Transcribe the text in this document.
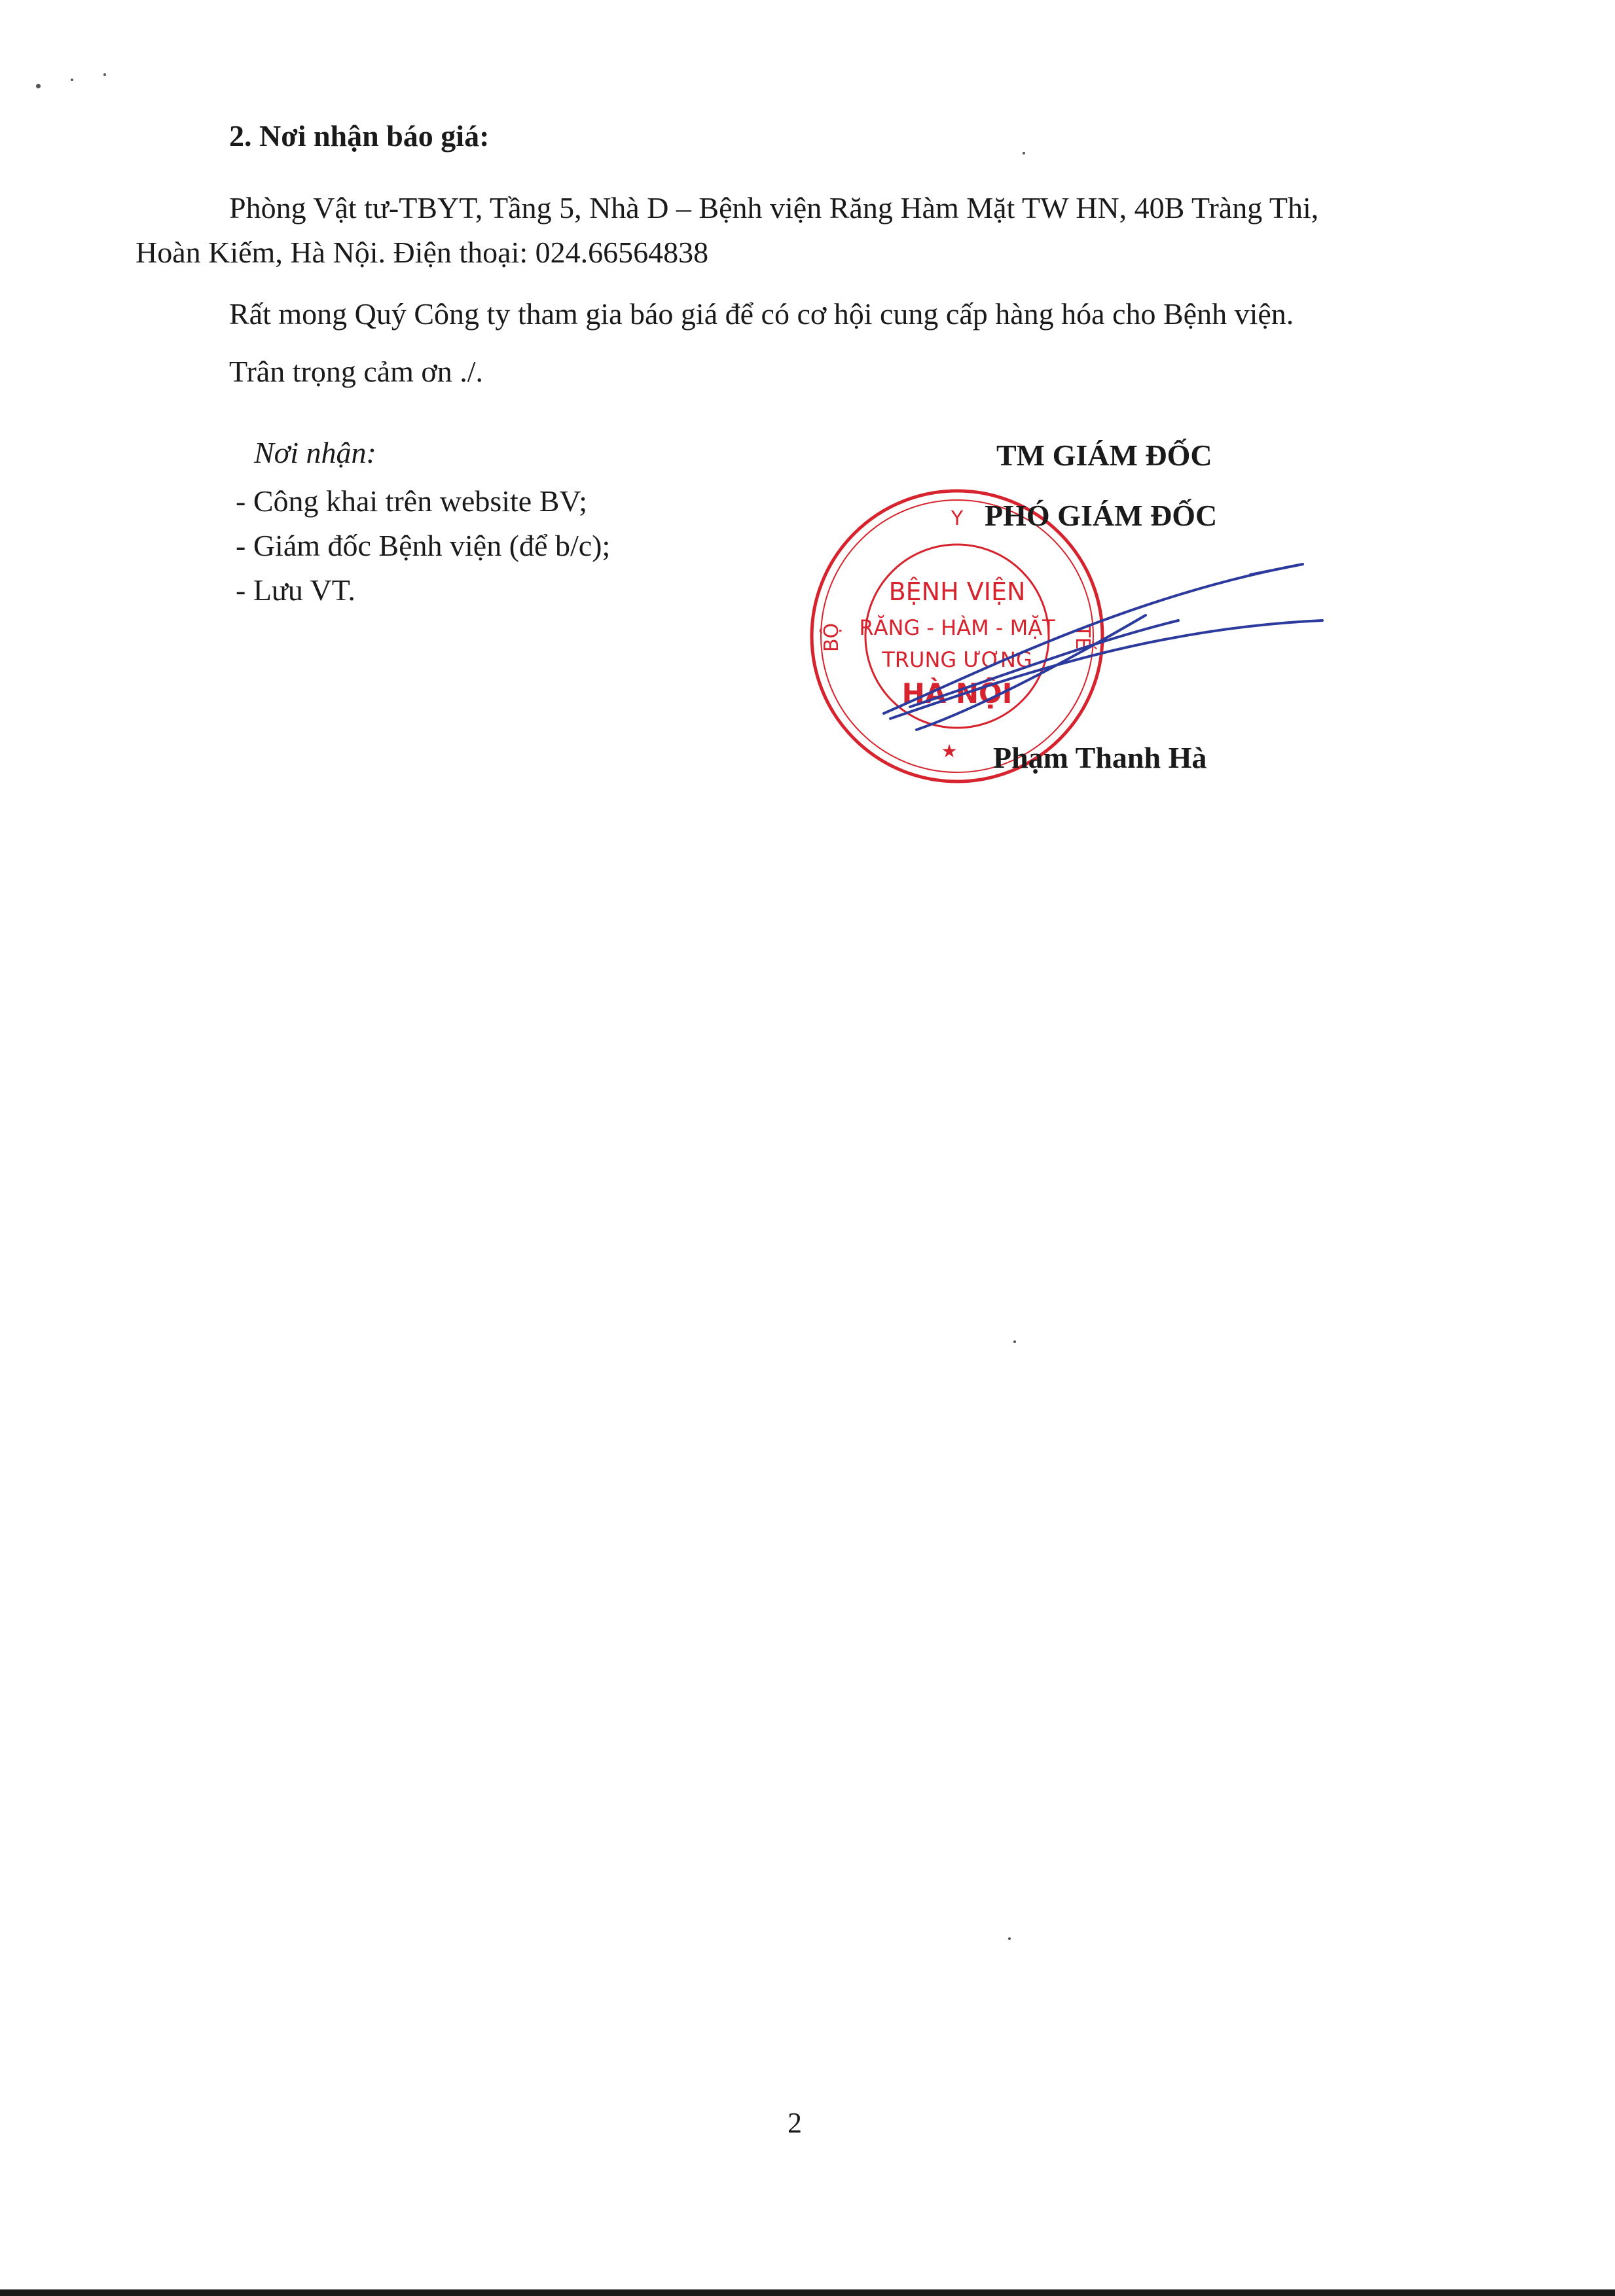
2. Nơi nhận báo giá:
Phòng Vật tư-TBYT, Tầng 5, Nhà D – Bệnh viện Răng Hàm Mặt TW HN, 40B Tràng Thi,
Hoàn Kiếm, Hà Nội. Điện thoại: 024.66564838
Rất mong Quý Công ty tham gia báo giá để có cơ hội cung cấp hàng hóa cho Bệnh viện.
Trân trọng cảm ơn ./.
Nơi nhận:
- Công khai trên website BV;
- Giám đốc Bệnh viện (để b/c);
- Lưu VT.
TM GIÁM ĐỐC
Y
BỘ	TẾ
BỆNH VIỆN
RĂNG - HÀM - MẶT
TRUNG ƯƠNG
HÀ NỘI
★
PHÓ GIÁM ĐỐC
Phạm Thanh Hà
2
